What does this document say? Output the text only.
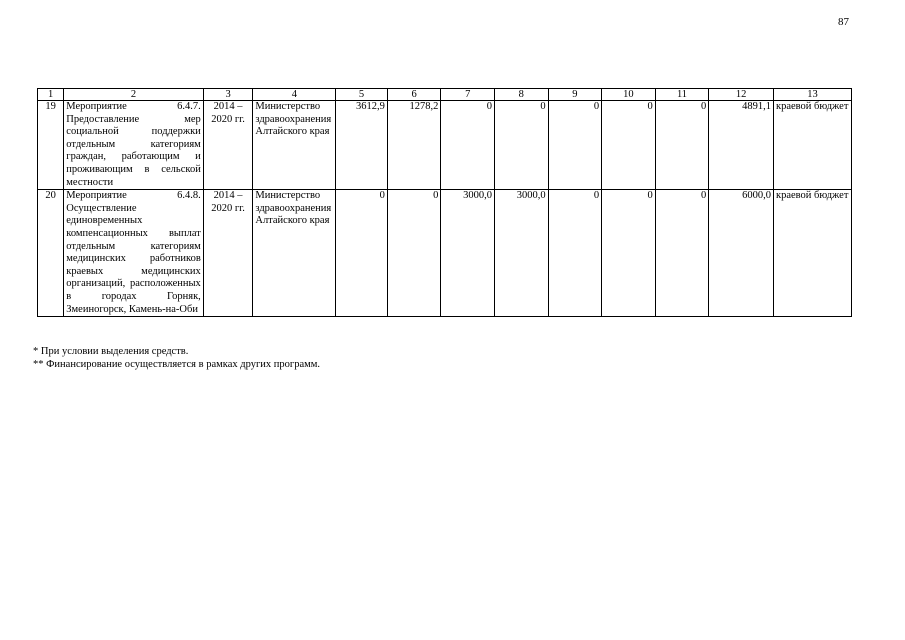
87
1	2	3	4	5	6	7	8	9	10	11	12	13
19	Мероприятие 6.4.7. Предоставление мер социальной поддержки отдельным категориям граждан, работающим и проживающим в сельской местности	2014 – 2020 гг.	Министерство здравоохранения Алтайского края	3612,9	1278,2	0	0	0	0	0	4891,1	краевой бюджет
20	Мероприятие 6.4.8. Осуществление единовременных компенсационных выплат отдельным категориям медицинских работников краевых медицинских организаций, расположенных в городах Горняк, Змеиногорск, Камень-на-Оби	2014 – 2020 гг.	Министерство здравоохранения Алтайского края	0	0	3000,0	3000,0	0	0	0	6000,0	краевой бюджет
* При условии выделения средств.
** Финансирование осуществляется в рамках других программ.
